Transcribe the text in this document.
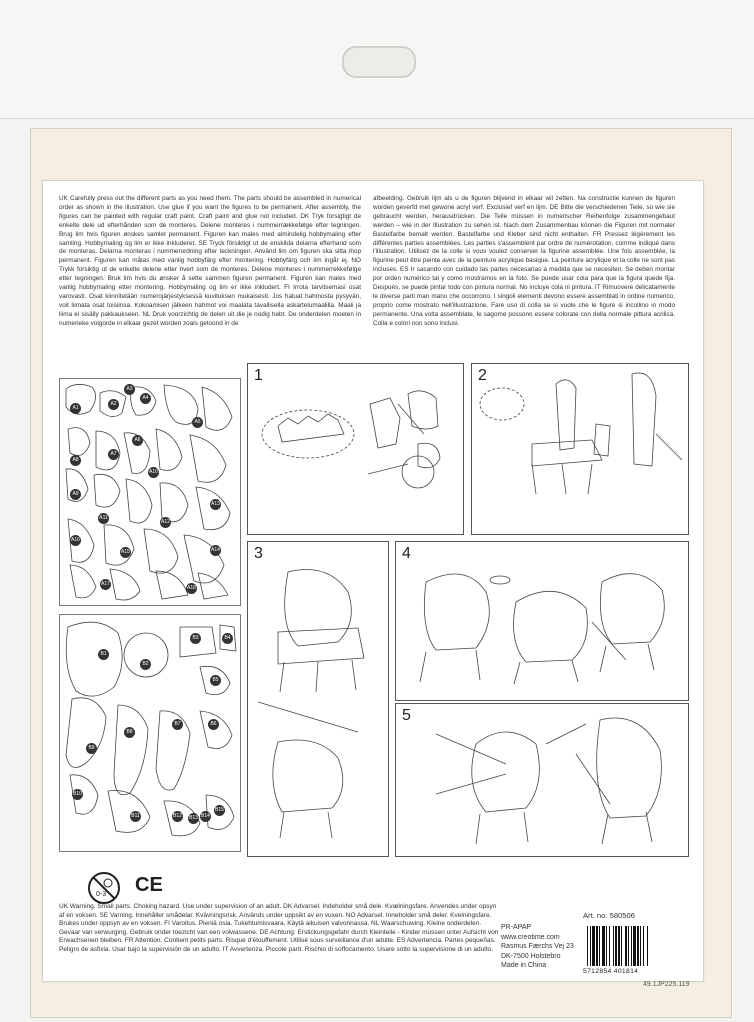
UK Carefully press out the different parts as you need them. The parts should be assembled in numerical order as shown in the illustration. Use glue if you want the figures to be permanent. After assembly, the figures can be painted with regular craft paint. Craft paint and glue not included. DK Tryk forsigtigt de enkelte dele ud efterhånden som de monteres. Delene monteres i nummerrækkefølge efter tegningen. Brug lim hvis figuren ønskes samlet permanent. Figuren kan males med almindelig hobbymaling efter samling. Hobbymaling og lim er ikke inkluderet. SE Tryck försiktigt ut de enskilda delarna efterhand som de monteras. Delarna monteras i nummerordning efter teckningen. Använd lim om figuren ska sitta ihop permanent. Figuren kan målas med vanlig hobbyfärg efter montering. Hobbyfärg och lim ingår ej. NO Trykk forsiktig ut de enkelte delene etter hvert som de monteres. Delene monteres i nummerrekkefølge etter tegningen. Bruk lim hvis du ønsker å sette sammen figuren permanent. Figuren kan males med vanlig hobbymaling etter montering. Hobbymaling og lim er ikke inkludert. FI Irrota tarvitsemasi osat varovasti. Osat kiinnitetään numerojärjestyksessä kuvituksen mukaisesti. Jos haluat hahmosta pysyvän, voit liimata osat toisiinsa. Kokoamisen jälkeen hahmot voi maalata tavallisella askartelumaalilla. Maali ja liima ei sisälly pakkaukseen. NL Druk voorzichtig de delen uit die je nodig hebt. De onderdelen moeten in numerieke volgorde in elkaar gezet worden zoals getoond in de
afbeelding. Gebruik lijm als u de figuren blijvend in elkaar wil zetten. Na constructie kunnen de figuren worden geverfd met gewone acryl verf. Exclusief verf en lijm. DE Bitte die verschiedenen Teile, so wie sie gebraucht werden, herausdrücken. Die Teile müssen in numerischer Reihenfolge zusammengebaut werden – wie in der Illustration zu sehen ist. Nach dem Zusammenbau können die Figuren mit normaler Bastelfarbe bemalt werden. Bastelfarbe und Kleber sind nicht enthalten. FR Pressez légèrement les différentes parties assemblées. Les parties s'assemblent par ordre de numérotation, comme indiqué dans l'illustration. Utilisez de la colle si vous voulez conserver la figurine assemblée. Une fois assemblée, la figurine peut être peinte avec de la peinture acrylique basique. La peinture acrylique et la colle ne sont pas incluses. ES Ir sacando con cuidado las partes necesarias a medida que se necesiten. Se deben montar por orden numérico tal y como mostramos en la foto. Se puede usar cola para que la figura quede fija. Después, se puede pintar todo con pintura normal. No incluye cola ni pintura. IT Rimuovere delicatamente le diverse parti man mano che occorrono. I singoli elementi devono essere assemblati in ordine numerico, proprio come mostrato nell'illustrazione. Fare uso di colla se si vuole che le figure si incollino in modo permanente. Una volta assemblate, le sagome possono essere colorate con della normale pittura acrilica. Colla e colori non sono inclusi.
A1
A2
A3
A4
A5
A6
A7
A8
A9
A10
A11
A12
A13
A14
A15
A16
A17
A18
B1
B2
B3	B4
B5
B6
B7
B8
B9
B10
B11	B12 B13 B14
B15
1	2
3	4
5
0-3 CE
UK Warning. Small parts. Choking hazard. Use under supervision of an adult. DK Advarsel. Indeholder små dele. Kvælningsfare. Anvendes under opsyn af en voksen. SE Varning. Innehåller smådelar. Kvävningsrisk. Används under uppsikt av en vuxen. NO Advarsel. Inneholder små deler. Kvelningsfare. Brukes under oppsyn av en voksen. FI Varoitus. Pieniä osia. Tukehtumisvaara. Käytä aikuisen valvonnassa. NL Waarschuwing. Kleine onderdelen. Gevaar van verwurging. Gebruik onder toezicht van een volwassene. DE Achtung: Erstickungsgefahr durch Kleinteile - Kinder müssen unter Aufsicht von Erwachsenen bleiben. FR Attention. Contient petits parts. Risque d'étouffement. Utilisé sous surveillance d'un adulte. ES Advertencia. Partes pequeñas. Peligro de asfixia. Usar bajo la supervisión de un adulto. IT Avvertenza. Piccole parti. Rischio di soffocamento. Usare sotto la supervisione di un adulto.
PR-APAP
www.creotime.com
Rasmus Færchs Vej 23
DK-7500 Holstebro
Made in China
Art. no. 580506
5712854 401814
49.1JP225.119
